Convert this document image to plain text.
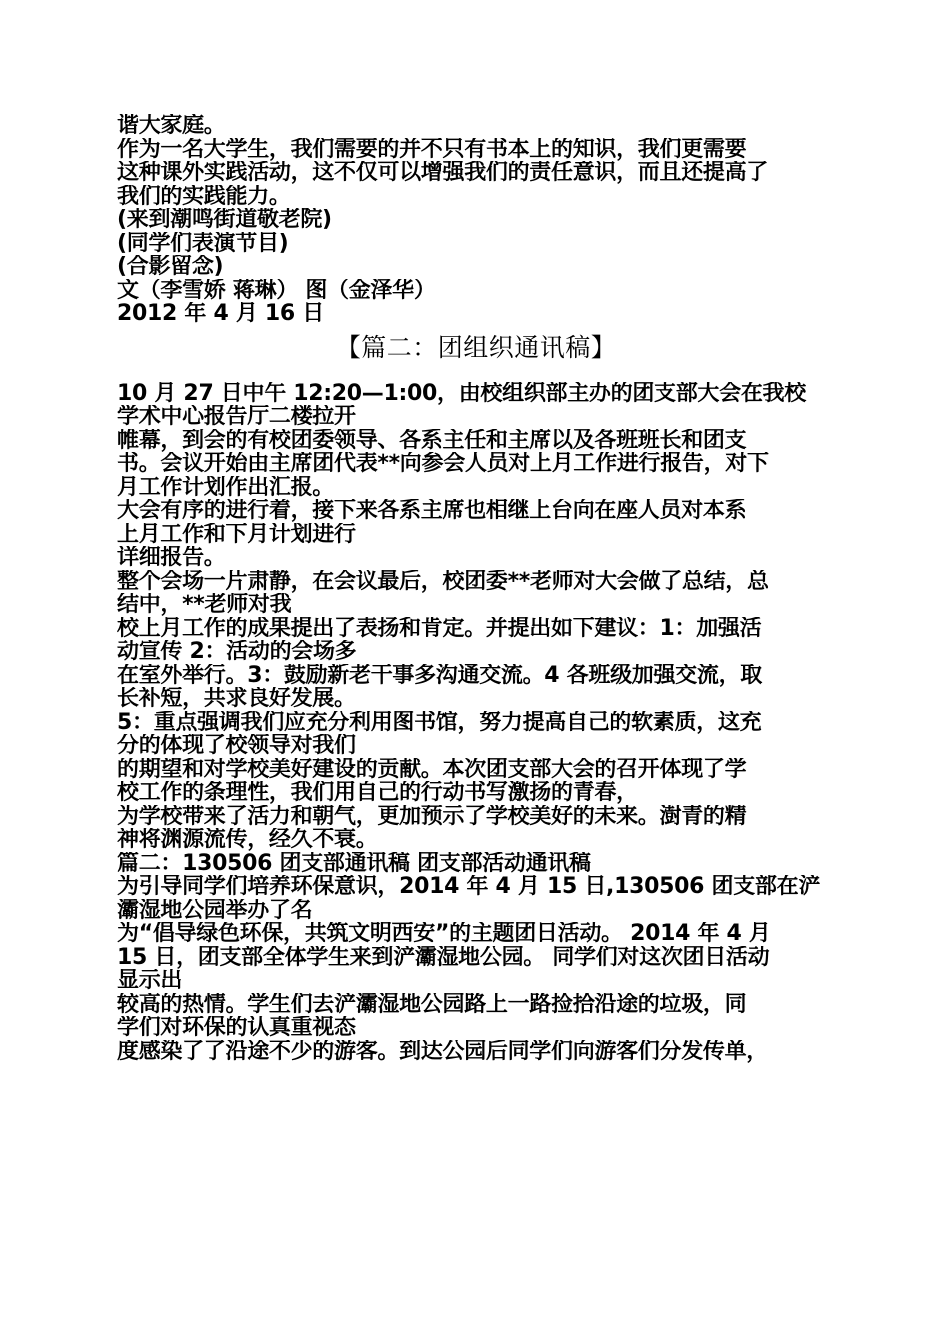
谐大家庭。
作为一名大学生，我们需要的并不只有书本上的知识，我们更需要
这种课外实践活动，这不仅可以增强我们的责任意识，而且还提高了
我们的实践能力。
(来到潮鸣街道敬老院)
(同学们表演节目)
(合影留念)
文（李雪娇 蒋琳） 图（金泽华）
2012 年 4 月 16 日
【篇二：团组织通讯稿】
10 月 27 日中午 12:20—1:00，由校组织部主办的团支部大会在我校
学术中心报告厅二楼拉开
帷幕，到会的有校团委领导、各系主任和主席以及各班班长和团支
书。会议开始由主席团代表**向参会人员对上月工作进行报告，对下
月工作计划作出汇报。
大会有序的进行着，接下来各系主席也相继上台向在座人员对本系
上月工作和下月计划进行
详细报告。
整个会场一片肃静，在会议最后，校团委**老师对大会做了总结，总
结中，**老师对我
校上月工作的成果提出了表扬和肯定。并提出如下建议：1：加强活
动宣传 2：活动的会场多
在室外举行。3：鼓励新老干事多沟通交流。4 各班级加强交流，取
长补短，共求良好发展。
5：重点强调我们应充分利用图书馆，努力提高自己的软素质，这充
分的体现了校领导对我们
的期望和对学校美好建设的贡献。本次团支部大会的召开体现了学
校工作的条理性，我们用自己的行动书写激扬的青春，
为学校带来了活力和朝气，更加预示了学校美好的未来。澍青的精
神将渊源流传，经久不衰。
篇二：130506 团支部通讯稿 团支部活动通讯稿
为引导同学们培养环保意识，2014 年 4 月 15 日,130506 团支部在浐
灞湿地公园举办了名
为“倡导绿色环保，共筑文明西安”的主题团日活动。 2014 年 4 月
15 日，团支部全体学生来到浐灞湿地公园。 同学们对这次团日活动
显示出
较高的热情。学生们去浐灞湿地公园路上一路捡拾沿途的垃圾，同
学们对环保的认真重视态
度感染了了沿途不少的游客。到达公园后同学们向游客们分发传单，
